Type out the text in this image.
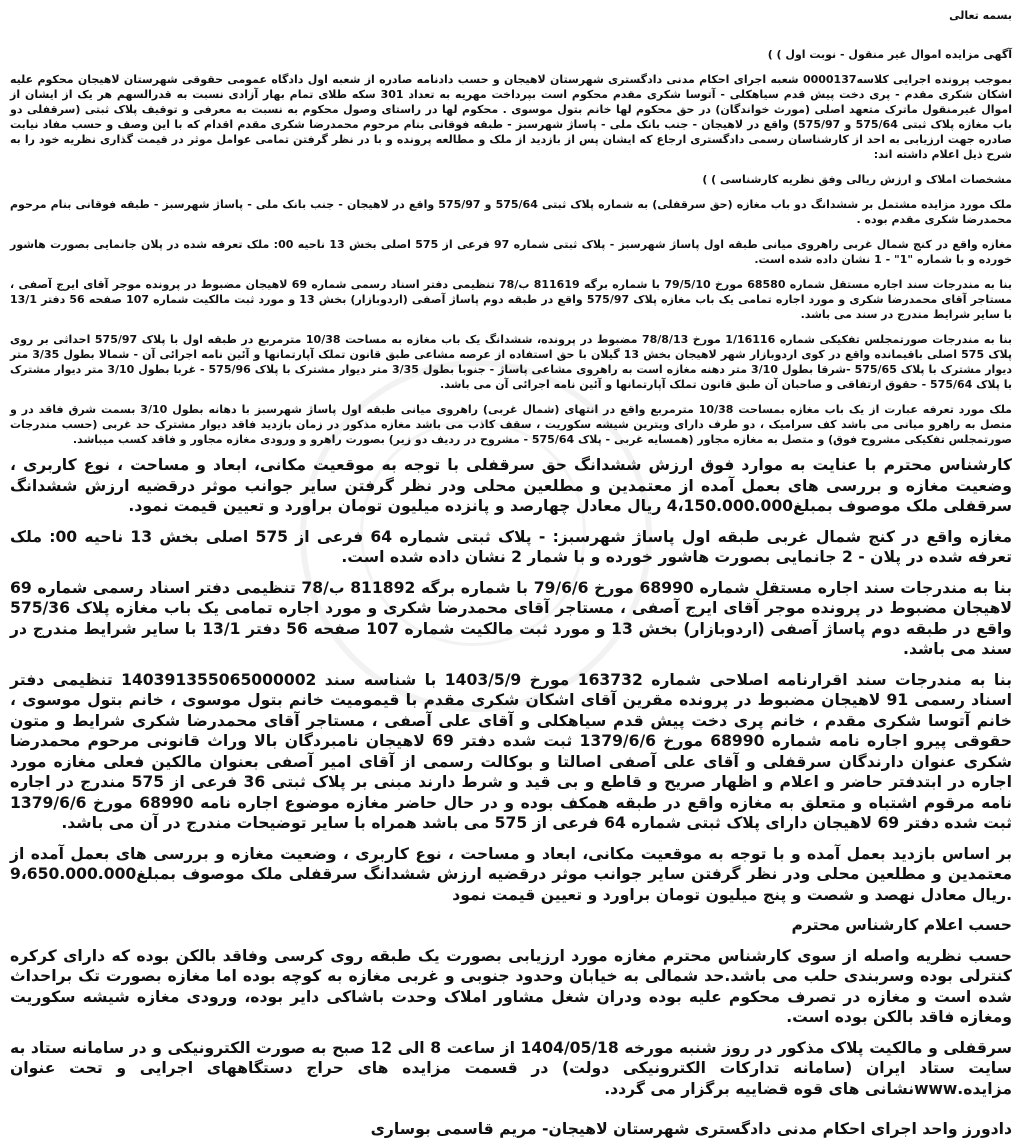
بسمه تعالی

آگهی مزایده اموال غیر منقول - نوبت اول ) )

بموجب پرونده اجرایی کلاسه0000137 شعبه اجرای احکام مدنی دادگستری شهرستان لاهیجان و حسب دادنامه صادره از شعبه اول دادگاه عمومی حقوقی شهرستان لاهیجان محکوم علیه اشکان شکری مقدم - پری دخت پیش قدم سیاهکلی - آتوسا شکری مقدم محکوم است بپرداخت مهریه به تعداد 301 سکه طلای تمام بهار آزادی نسبت به قدرالسهم هر یک از ایشان از اموال غیرمنقول ماترک متعهد اصلی (مورث خواندگان) در حق محکوم لها خانم بتول موسوی . محکوم لها در راستای وصول محکوم به نسبت به معرفی و توقیف پلاک ثبتی (سرقفلی دو باب مغازه پلاک ثبتی 575/64 و 575/97) واقع در لاهیجان - جنب بانک ملی - پاساژ شهرسبز - طبقه فوقانی بنام مرحوم محمدرضا شکری مقدم اقدام که با این وصف و حسب مفاد نیابت صادره جهت ارزیابی به احد از کارشناسان رسمی دادگستری ارجاع که ایشان پس از بازدید از ملک و مطالعه پرونده و با در نظر گرفتن تمامی عوامل موثر در قیمت گذاری نظریه خود را به شرح ذیل اعلام داشته اند:

مشخصات املاک و ارزش ریالی وفق نظریه کارشناسی ) )

ملک مورد مزایده مشتمل بر ششدانگ دو باب مغازه (حق سرقفلی) به شماره پلاک ثبتی 575/64 و 575/97 واقع در لاهیجان - جنب بانک ملی - پاساژ شهرسبز - طبقه فوقانی بنام مرحوم محمدرضا شکری مقدم بوده .

مغازه واقع در کنج شمال غربی راهروی میانی طبقه اول پاساژ شهرسبز - پلاک ثبتی شماره 97 فرعی از 575 اصلی بخش 13 ناحیه 00: ملک تعرفه شده در پلان جانمایی بصورت هاشور خورده و با شماره "1" - 1 نشان داده شده است.

بنا به مندرجات سند اجاره مستقل شماره 68580 مورخ 79/5/10 با شماره برگه 811619 ب/78 تنظیمی دفتر اسناد رسمی شماره 69 لاهیجان مضبوط در پرونده موجر آقای ایرج آصفی ، مستاجر آقای محمدرضا شکری و مورد اجاره تمامی یک باب مغازه پلاک 575/97 واقع در طبقه دوم پاساژ آصفی (اردوبازار) بخش 13 و مورد ثبت مالکیت شماره 107 صفحه 56 دفتر 13/1 با سایر شرایط مندرج در سند می باشد.

بنا به مندرجات صورتمجلس تفکیکی شماره 1/16116 مورخ 78/8/13 مضبوط در پرونده، ششدانگ یک باب مغازه به مساحت 10/38 مترمربع در طبقه اول با پلاک 575/97 احداثی بر روی پلاک 575 اصلی باقیمانده واقع در کوی اردوبازار شهر لاهیجان بخش 13 گیلان با حق استفاده از عرصه مشاعی طبق قانون تملک آپارتمانها و آئین نامه اجرائی آن - شمالا بطول 3/35 متر دیوار مشترک با پلاک 575/65 -شرقا بطول 3/10 متر دهنه مغازه است به راهروی مشاعی پاساژ - جنوبا بطول 3/35 متر دیوار مشترک با پلاک 575/96 - غربا بطول 3/10 متر دیوار مشترک با پلاک 575/64 - حقوق ارتفاقی و صاحبان آن طبق قانون تملک آپارتمانها و آئین نامه اجرائی آن می باشد.

ملک مورد تعرفه عبارت از یک باب مغازه بمساحت 10/38 مترمربع واقع در انتهای (شمال غربی) راهروی میانی طبقه اول پاساژ شهرسبز با دهانه بطول 3/10 بسمت شرق فاقد در و متصل به راهرو میانی می باشد کف سرامیک ، دو طرف دارای ویترین شیشه سکوریت ، سقف کاذب می باشد مغازه مذکور در زمان بازدید فاقد دیوار مشترک حد غربی (حسب مندرجات صورتمجلس تفکیکی مشروح فوق) و متصل به مغازه مجاور (همسایه غربی - پلاک 575/64 - مشروح در ردیف دو زیر) بصورت راهرو و ورودی مغازه مجاور و فاقد کسب میباشد.

کارشناس محترم با عنایت به موارد فوق ارزش ششدانگ حق سرقفلی با توجه به موقعیت مکانی، ابعاد و مساحت ، نوع کاربری ، وضعیت مغازه و بررسی های بعمل آمده از معتمدین و مطلعین محلی ودر نظر گرفتن سایر جوانب موثر درقضیه ارزش ششدانگ سرقفلی ملک موصوف بمبلغ4،150.000.000 ریال معادل چهارصد و پانزده میلیون تومان براورد و تعیین قیمت نمود.

مغازه واقع در کنج شمال غربی طبقه اول پاساژ شهرسبز: - پلاک ثبتی شماره 64 فرعی از 575 اصلی بخش 13 ناحیه 00: ملک تعرفه شده در پلان - 2 جانمایی بصورت هاشور خورده و با شمار 2 نشان داده شده است.

بنا به مندرجات سند اجاره مستقل شماره 68990 مورخ 79/6/6 با شماره برگه 811892 ب/78 تنظیمی دفتر اسناد رسمی شماره 69 لاهیجان مضبوط در پرونده موجر آقای ایرج آصفی ، مستاجر آقای محمدرضا شکری و مورد اجاره تمامی یک باب مغازه پلاک 575/36 واقع در طبقه دوم پاساژ آصفی (اردوبازار) بخش 13 و مورد ثبت مالکیت شماره 107 صفحه 56 دفتر 13/1 با سایر شرایط مندرج در سند می باشد.

بنا به مندرجات سند اقرارنامه اصلاحی شماره 163732 مورخ 1403/5/9 با شناسه سند 140391355065000002 تنظیمی دفتر اسناد رسمی 91 لاهیجان مضبوط در پرونده مقرین آقای اشکان شکری مقدم با قیمومیت خانم بتول موسوی ، خانم بتول موسوی ، خانم آتوسا شکری مقدم ، خانم پری دخت پیش قدم سیاهکلی و آقای علی آصفی ، مستاجر آقای محمدرضا شکری شرایط و متون حقوقی پیرو اجاره نامه شماره 68990 مورخ 1379/6/6 ثبت شده دفتر 69 لاهیجان نامبردگان بالا وراث قانونی مرحوم محمدرضا شکری عنوان دارندگان سرقفلی و آقای علی آصفی اصالتا و بوکالت رسمی از آقای امیر آصفی بعنوان مالکین فعلی مغازه مورد اجاره در ابتدفتر حاضر و اعلام و اظهار صریح و قاطع و بی قید و شرط دارند مبنی بر پلاک ثبتی 36 فرعی از 575 مندرج در اجاره نامه مرقوم اشتباه و متعلق به مغازه واقع در طبقه همکف بوده و در حال حاضر مغازه موضوع اجاره نامه 68990 مورخ 1379/6/6 ثبت شده دفتر 69 لاهیجان دارای پلاک ثبتی شماره 64 فرعی از 575 می باشد همراه با سایر توضیحات مندرج در آن می باشد.

بر اساس بازدید بعمل آمده و با توجه به موقعیت مکانی، ابعاد و مساحت ، نوع کاربری ، وضعیت مغازه و بررسی های بعمل آمده از معتمدین و مطلعین محلی ودر نظر گرفتن سایر جوانب موثر درقضیه ارزش ششدانگ سرقفلی ملک موصوف بمبلغ9،650.000.000 .ریال معادل نهصد و شصت و پنج میلیون تومان براورد و تعیین قیمت نمود

حسب اعلام کارشناس محترم

حسب نظریه واصله از سوی کارشناس محترم مغازه مورد ارزیابی بصورت یک طبقه روی کرسی وفاقد بالکن بوده که دارای کرکره کنترلی بوده وسربندی حلب می باشد.حد شمالی به خیابان وحدود جنوبی و غربی مغازه به کوچه بوده اما مغازه بصورت تک براحداث شده است و مغازه در تصرف محکوم علیه بوده ودران شغل مشاور املاک وحدت باشاکی دایر بوده، ورودی مغازه شیشه سکوریت ومغازه فاقد بالکن بوده است.

سرقفلی و مالکیت پلاک مذکور در روز شنبه مورخه 1404/05/18 از ساعت 8 الی 12 صبح به صورت الکترونیکی و در سامانه ستاد به سایت ستاد ایران (سامانه تدارکات الکترونیکی دولت) در قسمت مزایده های حراج دستگاههای اجرایی و تحت عنوان مزایده.wwwنشانی های قوه قضاییه برگزار می گردد.

دادورز واحد اجرای احکام مدنی دادگستری شهرستان لاهیجان- مریم قاسمی بوساری
